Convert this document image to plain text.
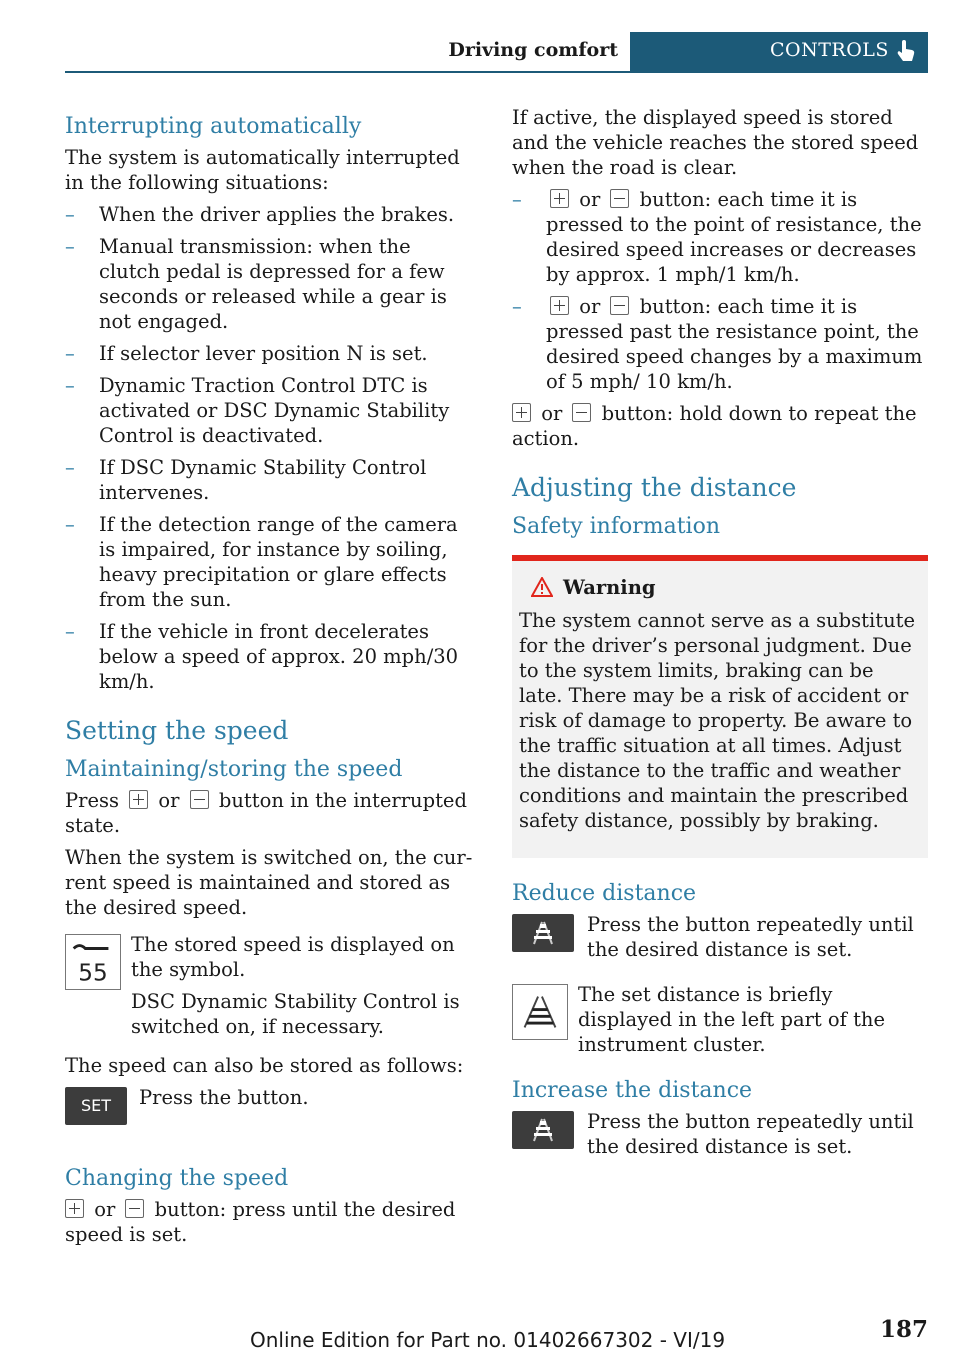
Driving comfort	CONTROLS
Interrupting automatically

The system is automatically interrupted in the following situations:

– When the driver applies the brakes.
– Manual transmission: when the clutch pedal is depressed for a few seconds or released while a gear is not engaged.
– If selector lever position N is set.
– Dynamic Traction Control DTC is activated or DSC Dynamic Stability Control is deactivated.
– If DSC Dynamic Stability Control intervenes.
– If the detection range of the camera is impaired, for instance by soiling, heavy precipitation or glare effects from the sun.
– If the vehicle in front decelerates below a speed of approx. 20 mph/30 km/h.
Setting the speed
Maintaining/storing the speed

Press or button in the interrupted state.

When the system is switched on, the current speed is maintained and stored as the desired speed.

55

The stored speed is displayed on the symbol.

DSC Dynamic Stability Control is switched on, if necessary.

The speed can also be stored as follows:

SET	Press the button.

Changing the speed

or button: press until the desired speed is set.

If active, the displayed speed is stored and the vehicle reaches the stored speed when the road is clear.

– or button: each time it is pressed to the point of resistance, the desired speed increases or decreases by approx. 1 mph/1 km/h.
– or button: each time it is pressed past the resistance point, the desired speed changes by a maximum of 5 mph/ 10 km/h.

or button: hold down to repeat the action.

Adjusting the distance
Safety information

Warning

The system cannot serve as a substitute for the driver’s personal judgment. Due to the system limits, braking can be late. There may be a risk of accident or risk of damage to property. Be aware to the traffic situation at all times. Adjust the distance to the traffic and weather conditions and maintain the prescribed safety distance, possibly by braking.

Reduce distance

Press the button repeatedly until the desired distance is set.

The set distance is briefly displayed in the left part of the instrument cluster.

Increase the distance

Press the button repeatedly until the desired distance is set.

Online Edition for Part no. 01402667302 - VI/19	187
